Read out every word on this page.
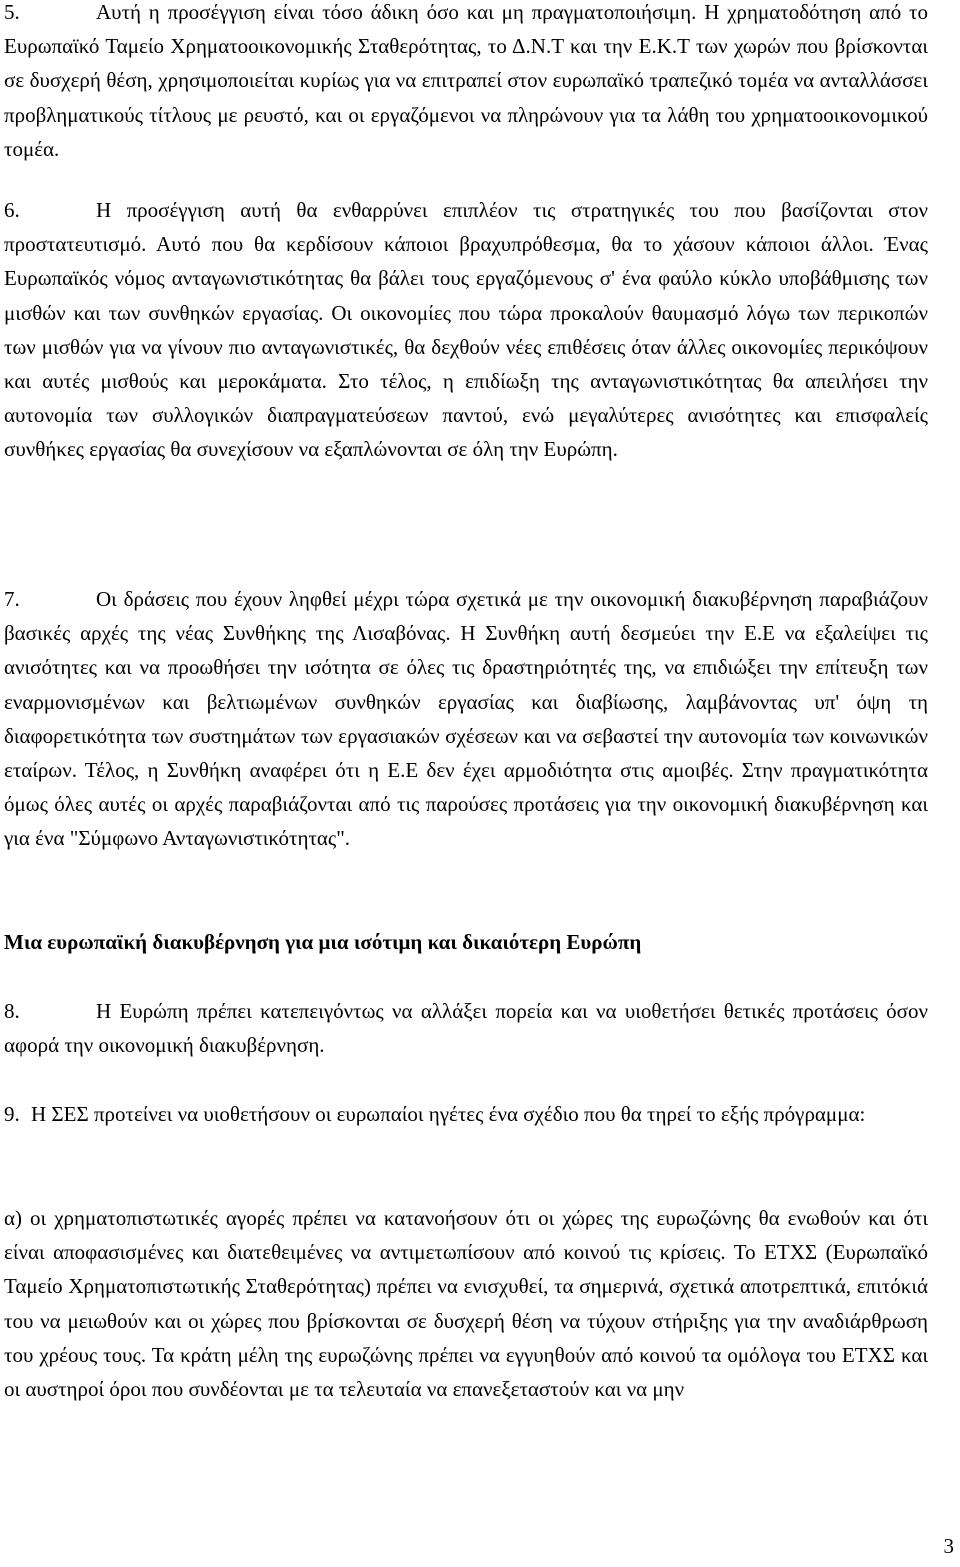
5.	Αυτή η προσέγγιση είναι τόσο άδικη όσο και μη πραγματοποιήσιμη. Η χρηματοδότηση από το Ευρωπαϊκό Ταμείο Χρηματοοικονομικής Σταθερότητας, το Δ.Ν.Τ και την Ε.Κ.Τ των χωρών που βρίσκονται σε δυσχερή θέση, χρησιμοποιείται κυρίως για να επιτραπεί στον ευρωπαϊκό τραπεζικό τομέα να ανταλλάσσει προβληματικούς τίτλους με ρευστό, και οι εργαζόμενοι να πληρώνουν για τα λάθη του χρηματοοικονομικού τομέα.

6.	Η προσέγγιση αυτή θα ενθαρρύνει επιπλέον τις στρατηγικές του που βασίζονται στον προστατευτισμό. Αυτό που θα κερδίσουν κάποιοι βραχυπρόθεσμα, θα το χάσουν κάποιοι άλλοι. Ένας Ευρωπαϊκός νόμος ανταγωνιστικότητας θα βάλει τους εργαζόμενους σ' ένα φαύλο κύκλο υποβάθμισης των μισθών και των συνθηκών εργασίας. Οι οικονομίες που τώρα προκαλούν θαυμασμό λόγω των περικοπών των μισθών για να γίνουν πιο ανταγωνιστικές, θα δεχθούν νέες επιθέσεις όταν άλλες οικονομίες περικόψουν και αυτές μισθούς και μεροκάματα. Στο τέλος, η επιδίωξη της ανταγωνιστικότητας θα απειλήσει την αυτονομία των συλλογικών διαπραγματεύσεων παντού, ενώ μεγαλύτερες ανισότητες και επισφαλείς συνθήκες εργασίας θα συνεχίσουν να εξαπλώνονται σε όλη την Ευρώπη.

7.	Οι δράσεις που έχουν ληφθεί μέχρι τώρα σχετικά με την οικονομική διακυβέρνηση παραβιάζουν βασικές αρχές της νέας Συνθήκης της Λισαβόνας. Η Συνθήκη αυτή δεσμεύει την Ε.Ε να εξαλείψει τις ανισότητες και να προωθήσει την ισότητα σε όλες τις δραστηριότητές της, να επιδιώξει την επίτευξη των εναρμονισμένων και βελτιωμένων συνθηκών εργασίας και διαβίωσης, λαμβάνοντας υπ' όψη τη διαφορετικότητα των συστημάτων των εργασιακών σχέσεων και να σεβαστεί την αυτονομία των κοινωνικών εταίρων. Τέλος, η Συνθήκη αναφέρει ότι η Ε.Ε δεν έχει αρμοδιότητα στις αμοιβές. Στην πραγματικότητα όμως όλες αυτές οι αρχές παραβιάζονται από τις παρούσες προτάσεις για την οικονομική διακυβέρνηση και για ένα "Σύμφωνο Ανταγωνιστικότητας".

Μια ευρωπαϊκή διακυβέρνηση για μια ισότιμη και δικαιότερη Ευρώπη

8.	Η Ευρώπη πρέπει κατεπειγόντως να αλλάξει πορεία και να υιοθετήσει θετικές προτάσεις όσον αφορά την οικονομική διακυβέρνηση.

9. Η ΣΕΣ προτείνει να υιοθετήσουν οι ευρωπαίοι ηγέτες ένα σχέδιο που θα τηρεί το εξής πρόγραμμα:

α) οι χρηματοπιστωτικές αγορές πρέπει να κατανοήσουν ότι οι χώρες της ευρωζώνης θα ενωθούν και ότι είναι αποφασισμένες και διατεθειμένες να αντιμετωπίσουν από κοινού τις κρίσεις. Το ΕΤΧΣ (Ευρωπαϊκό Ταμείο Χρηματοπιστωτικής Σταθερότητας) πρέπει να ενισχυθεί, τα σημερινά, σχετικά αποτρεπτικά, επιτόκιά του να μειωθούν και οι χώρες που βρίσκονται σε δυσχερή θέση να τύχουν στήριξης για την αναδιάρθρωση του χρέους τους. Τα κράτη μέλη της ευρωζώνης πρέπει να εγγυηθούν από κοινού τα ομόλογα του ΕΤΧΣ και οι αυστηροί όροι που συνδέονται με τα τελευταία να επανεξεταστούν και να μην

3
